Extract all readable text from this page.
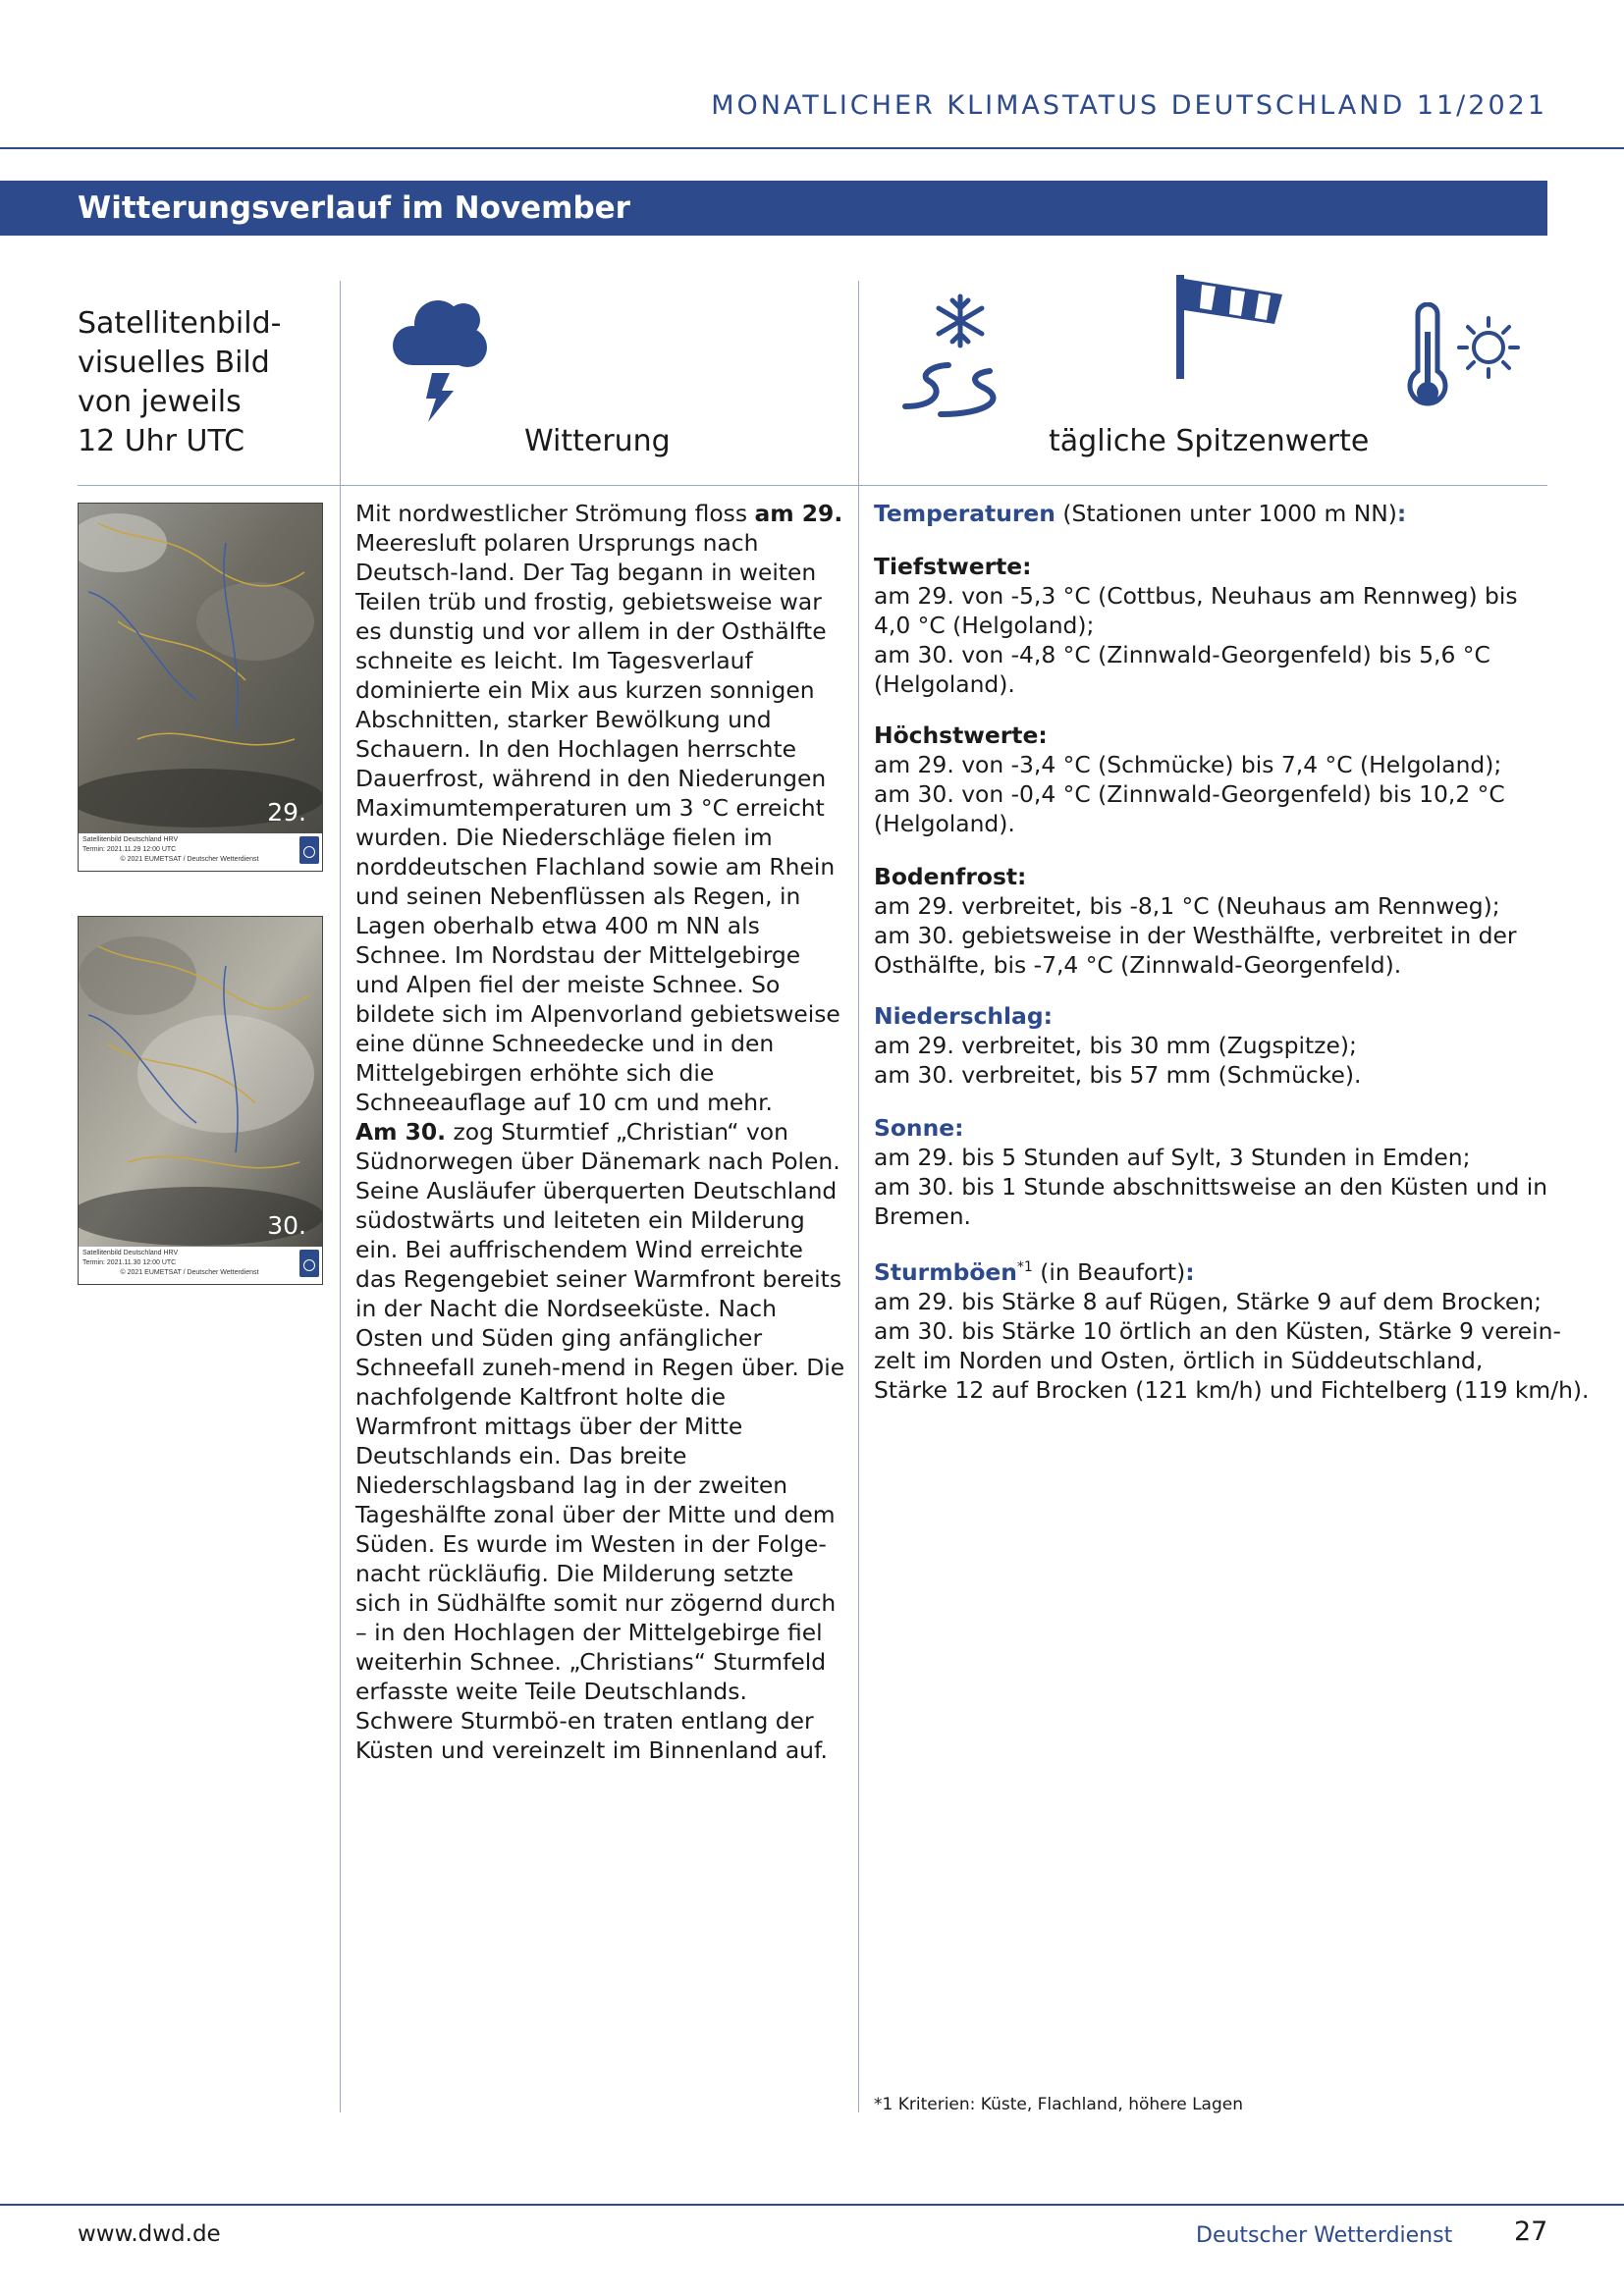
MONATLICHER KLIMASTATUS DEUTSCHLAND 11/2021
Witterungsverlauf im November
Satellitenbild-
visuelles Bild
von jeweils
12 Uhr UTC	Witterung	tägliche Spitzenwerte
29.
Satellitenbild Deutschland HRV
Termin: 2021.11.29 12:00 UTC
© 2021 EUMETSAT / Deutscher Wetterdienst
30.
Satellitenbild Deutschland HRV
Termin: 2021.11.30 12:00 UTC
© 2021 EUMETSAT / Deutscher Wetterdienst
Mit nordwestlicher Strömung floss am 29. Meeresluft polaren Ursprungs nach Deutsch-land. Der Tag begann in weiten Teilen trüb und frostig, gebietsweise war es dunstig und vor allem in der Osthälfte schneite es leicht. Im Tagesverlauf dominierte ein Mix aus kurzen sonnigen Abschnitten, starker Bewölkung und Schauern. In den Hochlagen herrschte Dauerfrost, während in den Niederungen Maximumtemperaturen um 3 °C erreicht wurden. Die Niederschläge fielen im norddeutschen Flachland sowie am Rhein und seinen Nebenflüssen als Regen, in Lagen oberhalb etwa 400 m NN als Schnee. Im Nordstau der Mittelgebirge und Alpen fiel der meiste Schnee. So bildete sich im Alpenvorland gebietsweise eine dünne Schneedecke und in den Mittelgebirgen erhöhte sich die Schneeauflage auf 10 cm und mehr.
Am 30. zog Sturmtief „Christian“ von Südnorwegen über Dänemark nach Polen. Seine Ausläufer überquerten Deutschland südostwärts und leiteten ein Milderung ein. Bei auffrischendem Wind erreichte das Regengebiet seiner Warmfront bereits in der Nacht die Nordseeküste. Nach Osten und Süden ging anfänglicher Schneefall zuneh-mend in Regen über. Die nachfolgende Kaltfront holte die Warmfront mittags über der Mitte Deutschlands ein. Das breite Niederschlagsband lag in der zweiten Tageshälfte zonal über der Mitte und dem Süden. Es wurde im Westen in der Folge-nacht rückläufig. Die Milderung setzte sich in Südhälfte somit nur zögernd durch – in den Hochlagen der Mittelgebirge fiel weiterhin Schnee. „Christians“ Sturmfeld erfasste weite Teile Deutschlands. Schwere Sturmbö-en traten entlang der Küsten und vereinzelt im Binnenland auf.
Temperaturen (Stationen unter 1000 m NN):
Tiefstwerte:
am 29. von -5,3 °C (Cottbus, Neuhaus am Rennweg) bis
4,0 °C (Helgoland);
am 30. von -4,8 °C (Zinnwald-Georgenfeld) bis 5,6 °C
(Helgoland).
Höchstwerte:
am 29. von -3,4 °C (Schmücke) bis 7,4 °C (Helgoland);
am 30. von -0,4 °C (Zinnwald-Georgenfeld) bis 10,2 °C
(Helgoland).
Bodenfrost:
am 29. verbreitet, bis -8,1 °C (Neuhaus am Rennweg);
am 30. gebietsweise in der Westhälfte, verbreitet in der
Osthälfte, bis -7,4 °C (Zinnwald-Georgenfeld).
Niederschlag:
am 29. verbreitet, bis 30 mm (Zugspitze);
am 30. verbreitet, bis 57 mm (Schmücke).
Sonne:
am 29. bis 5 Stunden auf Sylt, 3 Stunden in Emden;
am 30. bis 1 Stunde abschnittsweise an den Küsten und in
Bremen.
Sturmböen$^{*1}$ (in Beaufort):
am 29. bis Stärke 8 auf Rügen, Stärke 9 auf dem Brocken;
am 30. bis Stärke 10 örtlich an den Küsten, Stärke 9 verein-
zelt im Norden und Osten, örtlich in Süddeutschland,
Stärke 12 auf Brocken (121 km/h) und Fichtelberg (119 km/h).
*1 Kriterien: Küste, Flachland, höhere Lagen
www.dwd.de	Deutscher Wetterdienst 27
